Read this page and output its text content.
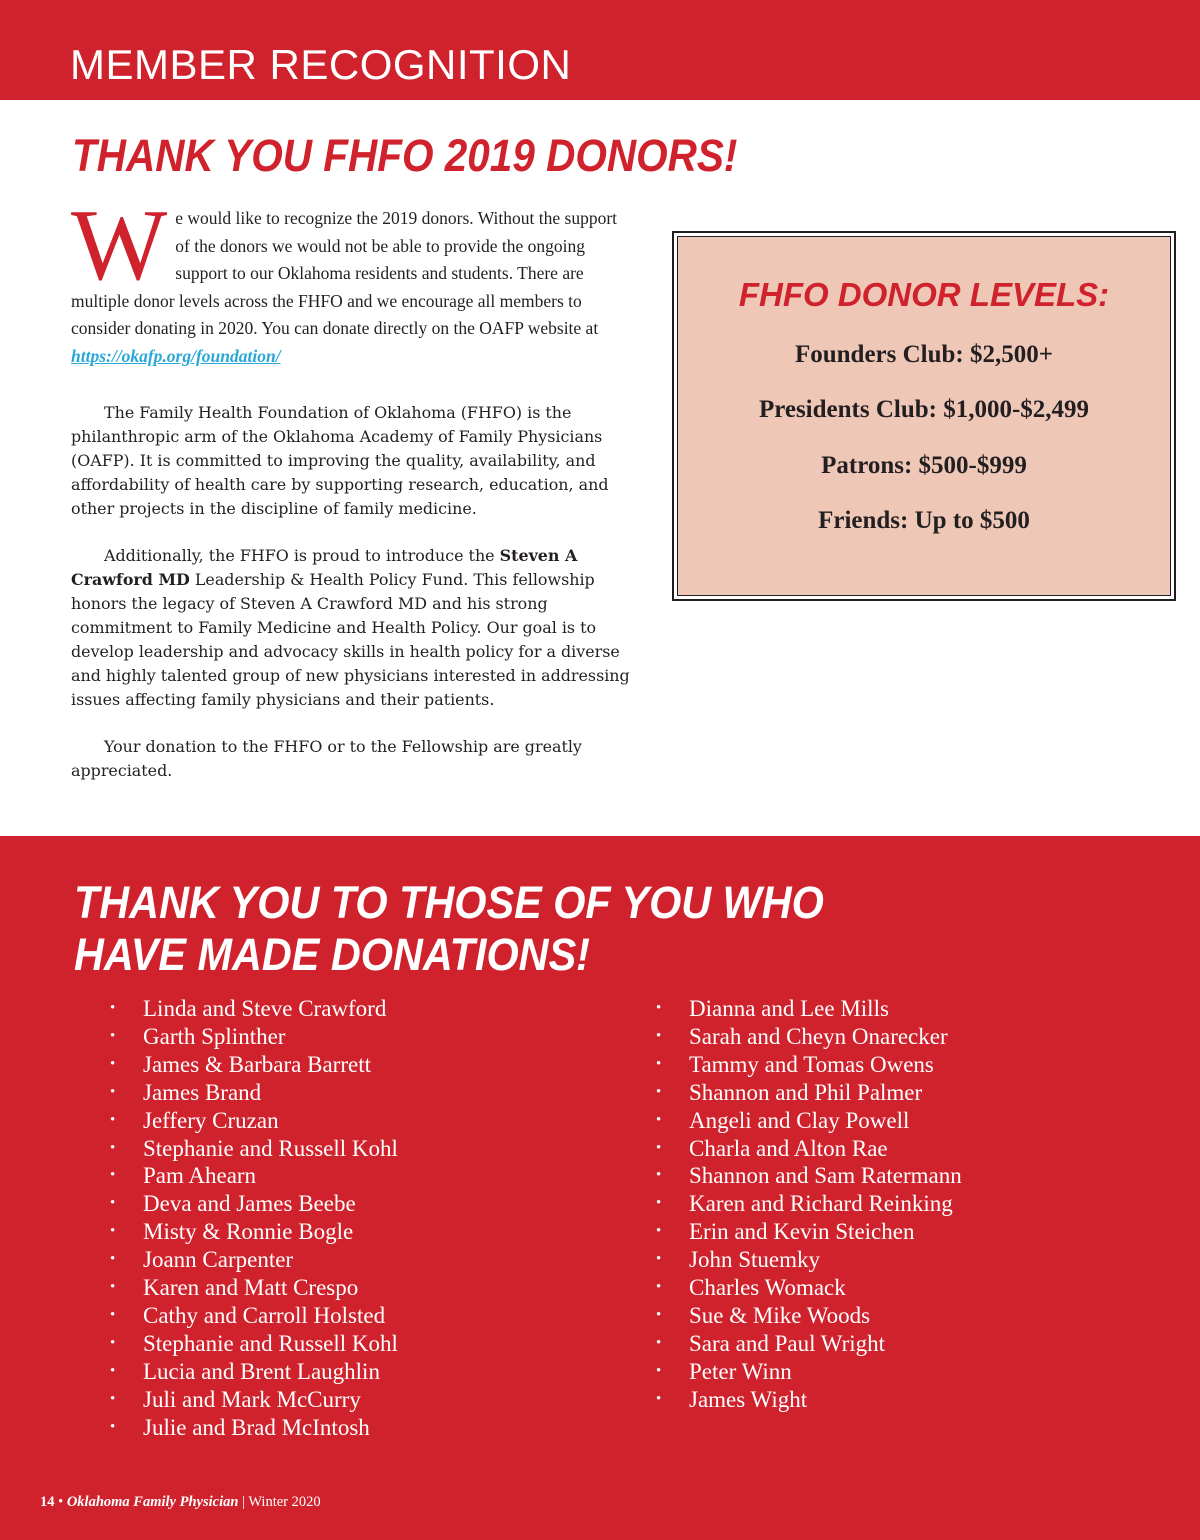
MEMBER RECOGNITION
THANK YOU FHFO 2019 DONORS!

We would like to recognize the 2019 donors. Without the support of the donors we would not be able to provide the ongoing support to our Oklahoma residents and students. There are multiple donor levels across the FHFO and we encourage all members to consider donating in 2020. You can donate directly on the OAFP website at https://okafp.org/foundation/

The Family Health Foundation of Oklahoma (FHFO) is the philanthropic arm of the Oklahoma Academy of Family Physicians (OAFP). It is committed to improving the quality, availability, and affordability of health care by supporting research, education, and other projects in the discipline of family medicine.

Additionally, the FHFO is proud to introduce the Steven A Crawford MD Leadership & Health Policy Fund. This fellowship honors the legacy of Steven A Crawford MD and his strong commitment to Family Medicine and Health Policy. Our goal is to develop leadership and advocacy skills in health policy for a diverse and highly talented group of new physicians interested in addressing issues affecting family physicians and their patients.

Your donation to the FHFO or to the Fellowship are greatly appreciated.

FHFO DONOR LEVELS:

Founders Club: $2,500+

Presidents Club: $1,000-$2,499

Patrons: $500-$999

Friends: Up to $500

THANK YOU TO THOSE OF YOU WHO
HAVE MADE DONATIONS!
• Linda and Steve Crawford
• Garth Splinther
• James & Barbara Barrett
• James Brand
• Jeffery Cruzan
• Stephanie and Russell Kohl
• Pam Ahearn
• Deva and James Beebe
• Misty & Ronnie Bogle
• Joann Carpenter
• Karen and Matt Crespo
• Cathy and Carroll Holsted
• Stephanie and Russell Kohl
• Lucia and Brent Laughlin
• Juli and Mark McCurry
• Julie and Brad McIntosh
• Dianna and Lee Mills
• Sarah and Cheyn Onarecker
• Tammy and Tomas Owens
• Shannon and Phil Palmer
• Angeli and Clay Powell
• Charla and Alton Rae
• Shannon and Sam Ratermann
• Karen and Richard Reinking
• Erin and Kevin Steichen
• John Stuemky
• Charles Womack
• Sue & Mike Woods
• Sara and Paul Wright
• Peter Winn
• James Wight

14 • Oklahoma Family Physician | Winter 2020
